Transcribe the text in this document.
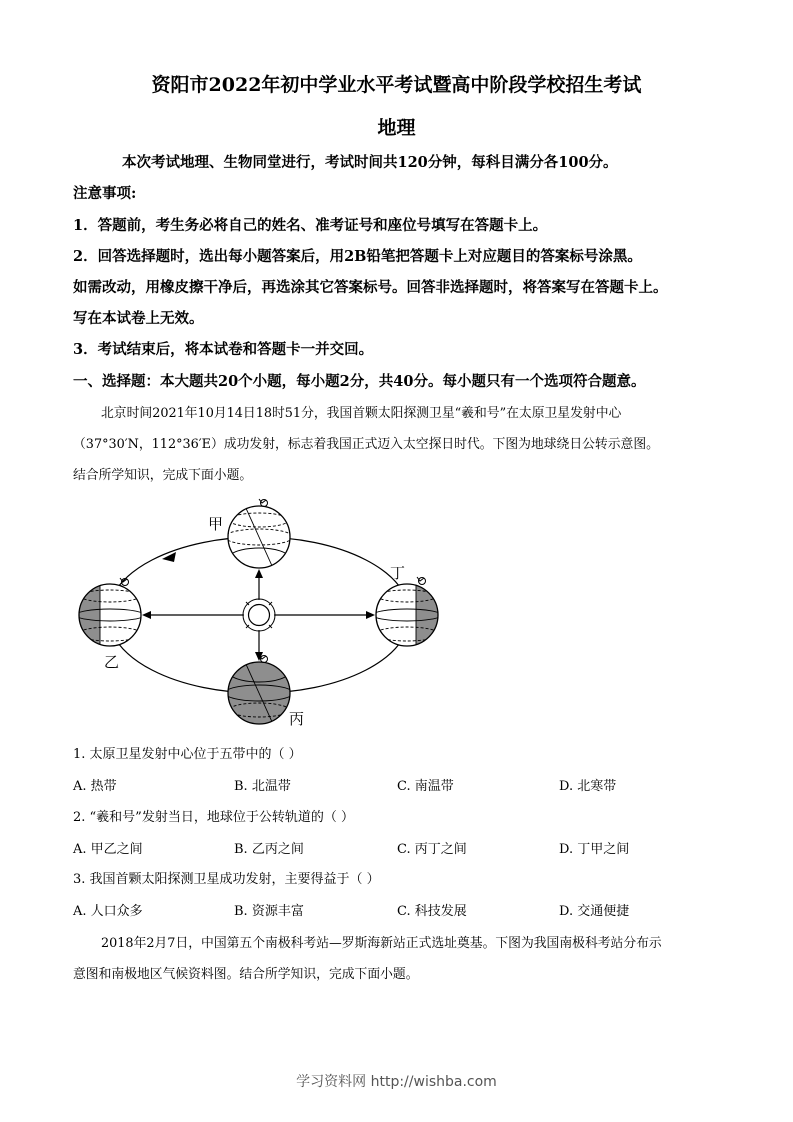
资阳市2022年初中学业水平考试暨高中阶段学校招生考试
地理
本次考试地理、生物同堂进行，考试时间共120分钟，每科目满分各100分。
注意事项:
1．答题前，考生务必将自己的姓名、准考证号和座位号填写在答题卡上。
2．回答选择题时，选出每小题答案后，用2B铅笔把答题卡上对应题目的答案标号涂黑。
如需改动，用橡皮擦干净后，再选涂其它答案标号。回答非选择题时，将答案写在答题卡上。
写在本试卷上无效。
3．考试结束后，将本试卷和答题卡一并交回。
一、选择题：本大题共20个小题，每小题2分，共40分。每小题只有一个选项符合题意。
北京时间2021年10月14日18时51分，我国首颗太阳探测卫星“羲和号”在太原卫星发射中心
（37°30′N，112°36′E）成功发射，标志着我国正式迈入太空探日时代。下图为地球绕日公转示意图。
结合所学知识，完成下面小题。
甲
乙
丙
丁
1. 太原卫星发射中心位于五带中的（ ）
A. 热带	B. 北温带	C. 南温带	D. 北寒带
2. “羲和号”发射当日，地球位于公转轨道的（ ）
A. 甲乙之间	B. 乙丙之间	C. 丙丁之间	D. 丁甲之间
3. 我国首颗太阳探测卫星成功发射，主要得益于（ ）
A. 人口众多	B. 资源丰富	C. 科技发展	D. 交通便捷
2018年2月7日，中国第五个南极科考站—罗斯海新站正式选址奠基。下图为我国南极科考站分布示
意图和南极地区气候资料图。结合所学知识，完成下面小题。
学习资料网 http://wishba.com
